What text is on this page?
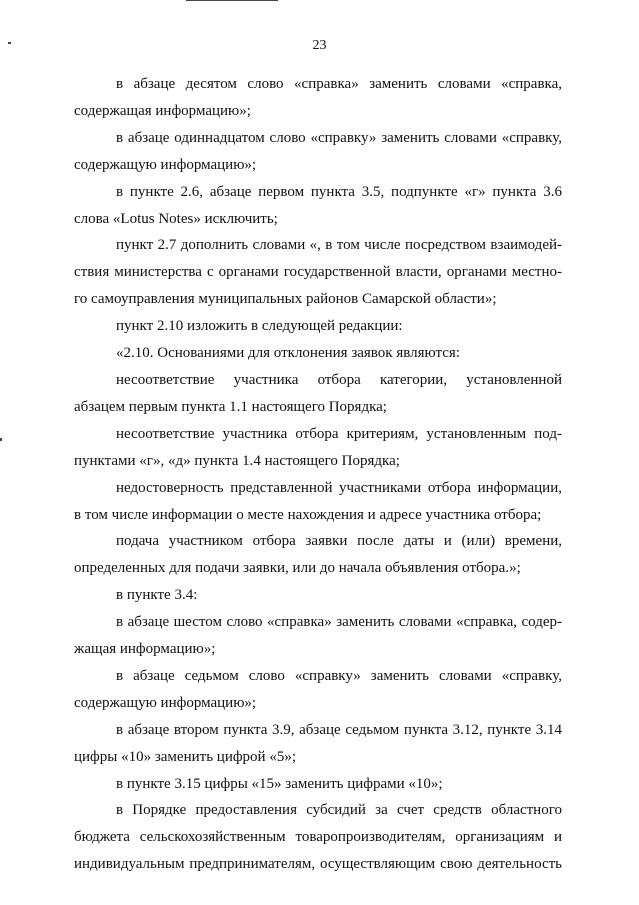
23
в абзаце десятом слово «справка» заменить словами «справка,
содержащая информацию»;
в абзаце одиннадцатом слово «справку» заменить словами «справку,
содержащую информацию»;
в пункте 2.6, абзаце первом пункта 3.5, подпункте «г» пункта 3.6
слова «Lotus Notes» исключить;
пункт 2.7 дополнить словами «, в том числе посредством взаимодей-
ствия министерства с органами государственной власти, органами местно-
го самоуправления муниципальных районов Самарской области»;
пункт 2.10 изложить в следующей редакции:
«2.10. Основаниями для отклонения заявок являются:
несоответствие участника отбора категории, установленной
абзацем первым пункта 1.1 настоящего Порядка;
несоответствие участника отбора критериям, установленным под-
пунктами «г», «д» пункта 1.4 настоящего Порядка;
недостоверность представленной участниками отбора информации,
в том числе информации о месте нахождения и адресе участника отбора;
подача участником отбора заявки после даты и (или) времени,
определенных для подачи заявки, или до начала объявления отбора.»;
в пункте 3.4:
в абзаце шестом слово «справка» заменить словами «справка, содер-
жащая информацию»;
в абзаце седьмом слово «справку» заменить словами «справку,
содержащую информацию»;
в абзаце втором пункта 3.9, абзаце седьмом пункта 3.12, пункте 3.14
цифры «10» заменить цифрой «5»;
в пункте 3.15 цифры «15» заменить цифрами «10»;
в Порядке предоставления субсидий за счет средств областного
бюджета сельскохозяйственным товаропроизводителям, организациям и
индивидуальным предпринимателям, осуществляющим свою деятельность
